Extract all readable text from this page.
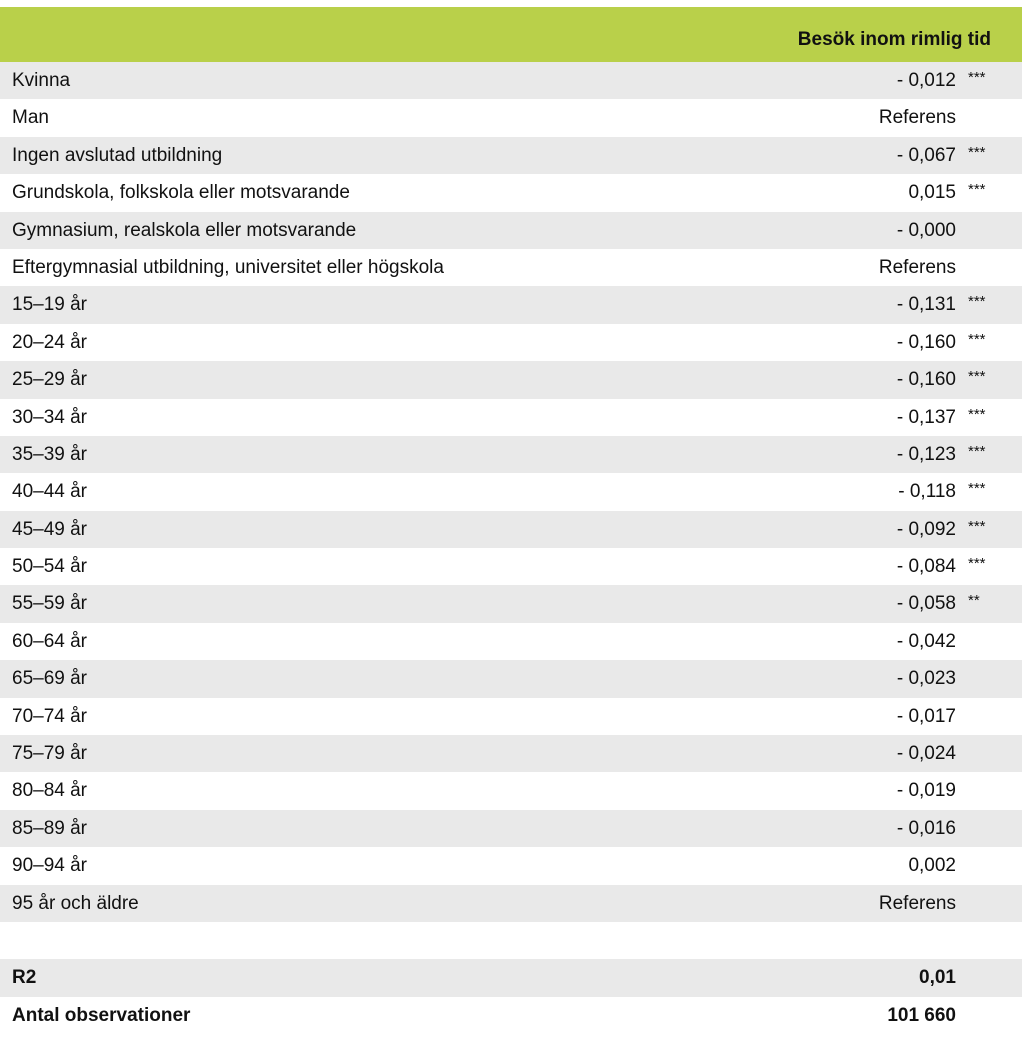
Besök inom rimlig tid
Kvinna	- 0,012 ***
Man	Referens
Ingen avslutad utbildning	- 0,067 ***
Grundskola, folkskola eller motsvarande	0,015 ***
Gymnasium, realskola eller motsvarande	- 0,000
Eftergymnasial utbildning, universitet eller högskola	Referens
15–19 år	- 0,131 ***
20–24 år	- 0,160 ***
25–29 år	- 0,160 ***
30–34 år	- 0,137 ***
35–39 år	- 0,123 ***
40–44 år	- 0,118 ***
45–49 år	- 0,092 ***
50–54 år	- 0,084 ***
55–59 år	- 0,058 **
60–64 år	- 0,042
65–69 år	- 0,023
70–74 år	- 0,017
75–79 år	- 0,024
80–84 år	- 0,019
85–89 år	- 0,016
90–94 år	0,002
95 år och äldre	Referens
R2	0,01
Antal observationer	101 660
